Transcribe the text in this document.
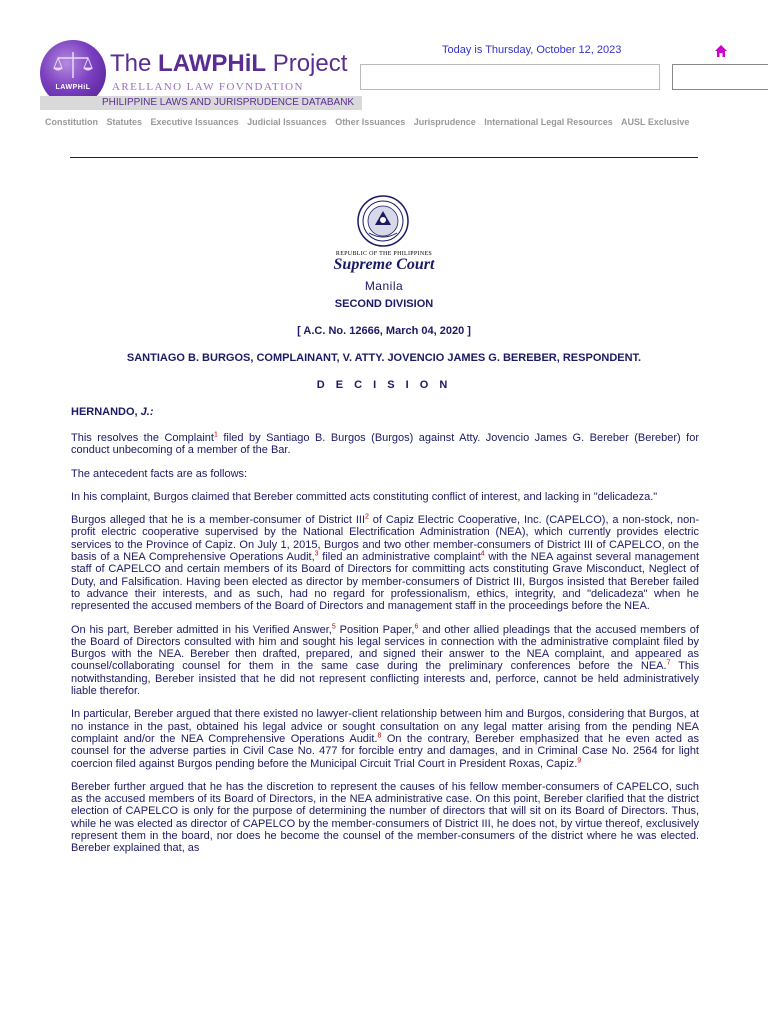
LAWPHiL
The LAWPHiL Project
ARELLANO LAW FOVNDATION
PHILIPPINE LAWS AND JURISPRUDENCE DATABANK
Today is Thursday, October 12, 2023
Constitution Statutes Executive Issuances Judicial Issuances Other Issuances Jurisprudence International Legal Resources AUSL Exclusive
REPUBLIC OF THE PHILIPPINES
Supreme Court
Manila
SECOND DIVISION
[ A.C. No. 12666, March 04, 2020 ]
SANTIAGO B. BURGOS, COMPLAINANT, V. ATTY. JOVENCIO JAMES G. BEREBER, RESPONDENT.
D E C I S I O N
HERNANDO, J.:

This resolves the Complaint$^1$ filed by Santiago B. Burgos (Burgos) against Atty. Jovencio James G. Bereber (Bereber) for conduct unbecoming of a member of the Bar.

The antecedent facts are as follows:

In his complaint, Burgos claimed that Bereber committed acts constituting conflict of interest, and lacking in "delicadeza."

Burgos alleged that he is a member-consumer of District III$^2$ of Capiz Electric Cooperative, Inc. (CAPELCO), a non-stock, non-profit electric cooperative supervised by the National Electrification Administration (NEA), which currently provides electric services to the Province of Capiz. On July 1, 2015, Burgos and two other member-consumers of District III of CAPELCO, on the basis of a NEA Comprehensive Operations Audit,$^3$ filed an administrative complaint$^4$ with the NEA against several management staff of CAPELCO and certain members of its Board of Directors for committing acts constituting Grave Misconduct, Neglect of Duty, and Falsification. Having been elected as director by member-consumers of District III, Burgos insisted that Bereber failed to advance their interests, and as such, had no regard for professionalism, ethics, integrity, and "delicadeza" when he represented the accused members of the Board of Directors and management staff in the proceedings before the NEA.

On his part, Bereber admitted in his Verified Answer,$^5$ Position Paper,$^6$ and other allied pleadings that the accused members of the Board of Directors consulted with him and sought his legal services in connection with the administrative complaint filed by Burgos with the NEA. Bereber then drafted, prepared, and signed their answer to the NEA complaint, and appeared as counsel/collaborating counsel for them in the same case during the preliminary conferences before the NEA.$^7$ This notwithstanding, Bereber insisted that he did not represent conflicting interests and, perforce, cannot be held administratively liable therefor.

In particular, Bereber argued that there existed no lawyer-client relationship between him and Burgos, considering that Burgos, at no instance in the past, obtained his legal advice or sought consultation on any legal matter arising from the pending NEA complaint and/or the NEA Comprehensive Operations Audit.$^8$ On the contrary, Bereber emphasized that he even acted as counsel for the adverse parties in Civil Case No. 477 for forcible entry and damages, and in Criminal Case No. 2564 for light coercion filed against Burgos pending before the Municipal Circuit Trial Court in President Roxas, Capiz.$^9$

Bereber further argued that he has the discretion to represent the causes of his fellow member-consumers of CAPELCO, such as the accused members of its Board of Directors, in the NEA administrative case. On this point, Bereber clarified that the district election of CAPELCO is only for the purpose of determining the number of directors that will sit on its Board of Directors. Thus, while he was elected as director of CAPELCO by the member-consumers of District III, he does not, by virtue thereof, exclusively represent them in the board, nor does he become the counsel of the member-consumers of the district where he was elected. Bereber explained that, as
